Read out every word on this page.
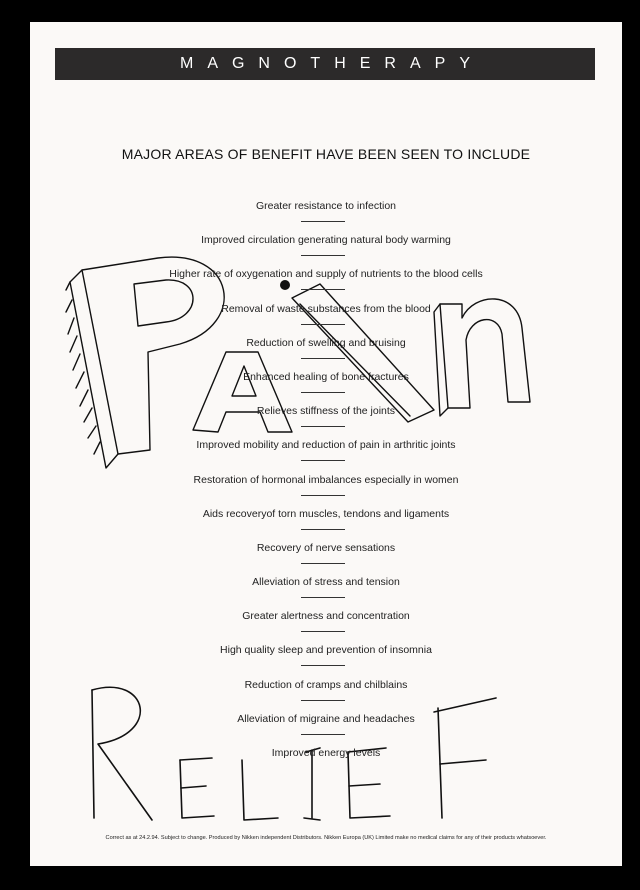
MAGNOTHERAPY
MAJOR AREAS OF BENEFIT HAVE BEEN SEEN TO INCLUDE
Greater resistance to infection
Improved circulation generating natural body warming
Higher rate of oxygenation and supply of nutrients to the blood cells
Removal of waste substances from the blood
Reduction of swelling and bruising
Enhanced healing of bone fractures
Relieves stiffness of the joints
Improved mobility and reduction of pain in arthritic joints
Restoration of hormonal imbalances especially in women
Aids recoveryof torn muscles, tendons and ligaments
Recovery of nerve sensations
Alleviation of stress and tension
Greater alertness and concentration
High quality sleep and prevention of insomnia
Reduction of cramps and chilblains
Alleviation of migraine and headaches
Improved energy levels
Correct as at 24.2.94. Subject to change. Produced by Nikken independent Distributors. Nikken Europa (UK) Limited make no medical claims for any of their products whatsoever.
